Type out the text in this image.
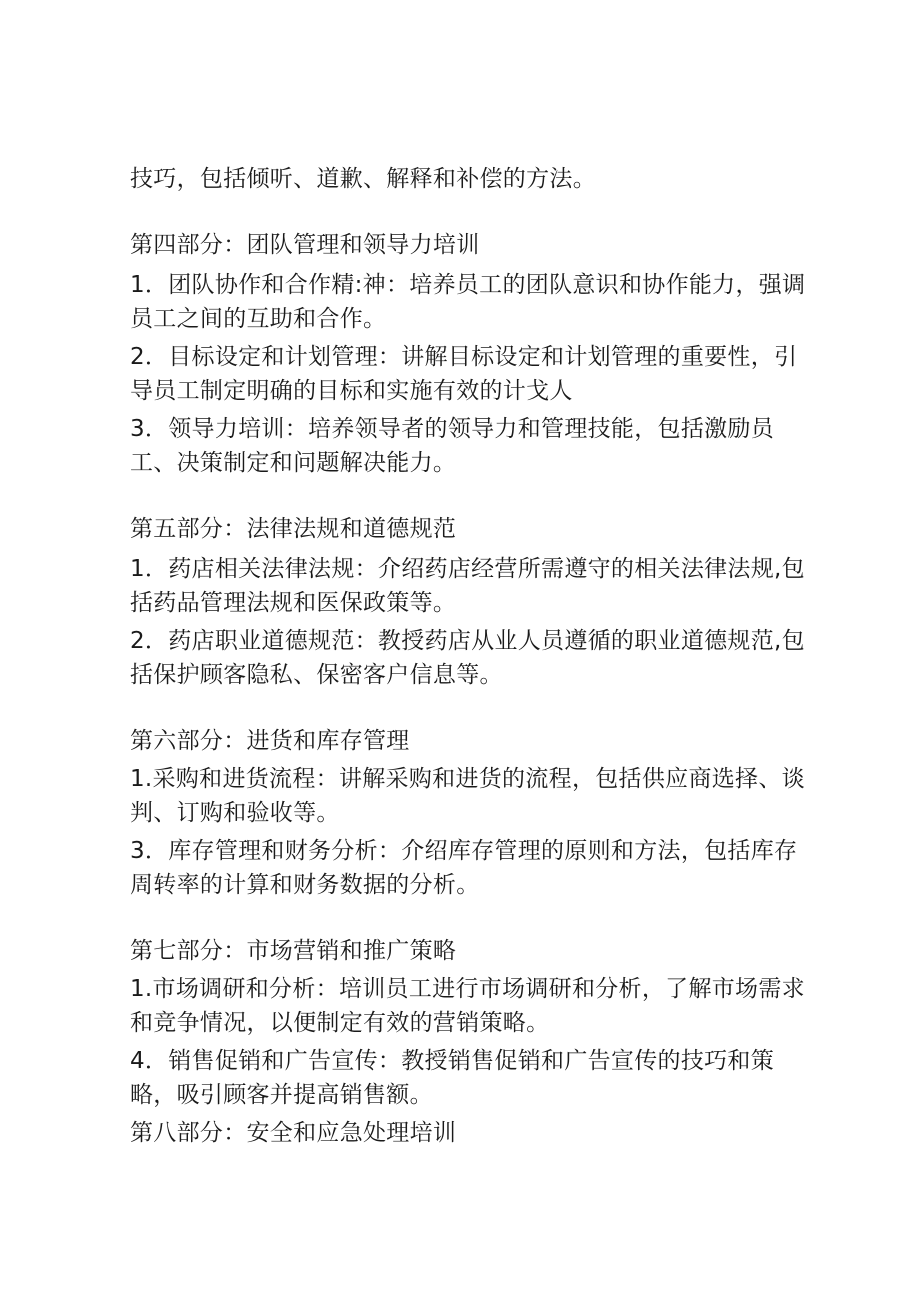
技巧，包括倾听、道歉、解释和补偿的方法。
第四部分：团队管理和领导力培训
1．团队协作和合作精:神：培养员工的团队意识和协作能力，强调
员工之间的互助和合作。
2．目标设定和计划管理：讲解目标设定和计划管理的重要性，引
导员工制定明确的目标和实施有效的计戈人
3．领导力培训：培养领导者的领导力和管理技能，包括激励员
工、决策制定和问题解决能力。
第五部分：法律法规和道德规范
1．药店相关法律法规：介绍药店经营所需遵守的相关法律法规,包
括药品管理法规和医保政策等。
2．药店职业道德规范：教授药店从业人员遵循的职业道德规范,包
括保护顾客隐私、保密客户信息等。
第六部分：进货和库存管理
1.采购和进货流程：讲解采购和进货的流程，包括供应商选择、谈
判、订购和验收等。
3．库存管理和财务分析：介绍库存管理的原则和方法，包括库存
周转率的计算和财务数据的分析。
第七部分：市场营销和推广策略
1.市场调研和分析：培训员工进行市场调研和分析，了解市场需求
和竞争情况，以便制定有效的营销策略。
4．销售促销和广告宣传：教授销售促销和广告宣传的技巧和策
略，吸引顾客并提高销售额。
第八部分：安全和应急处理培训
